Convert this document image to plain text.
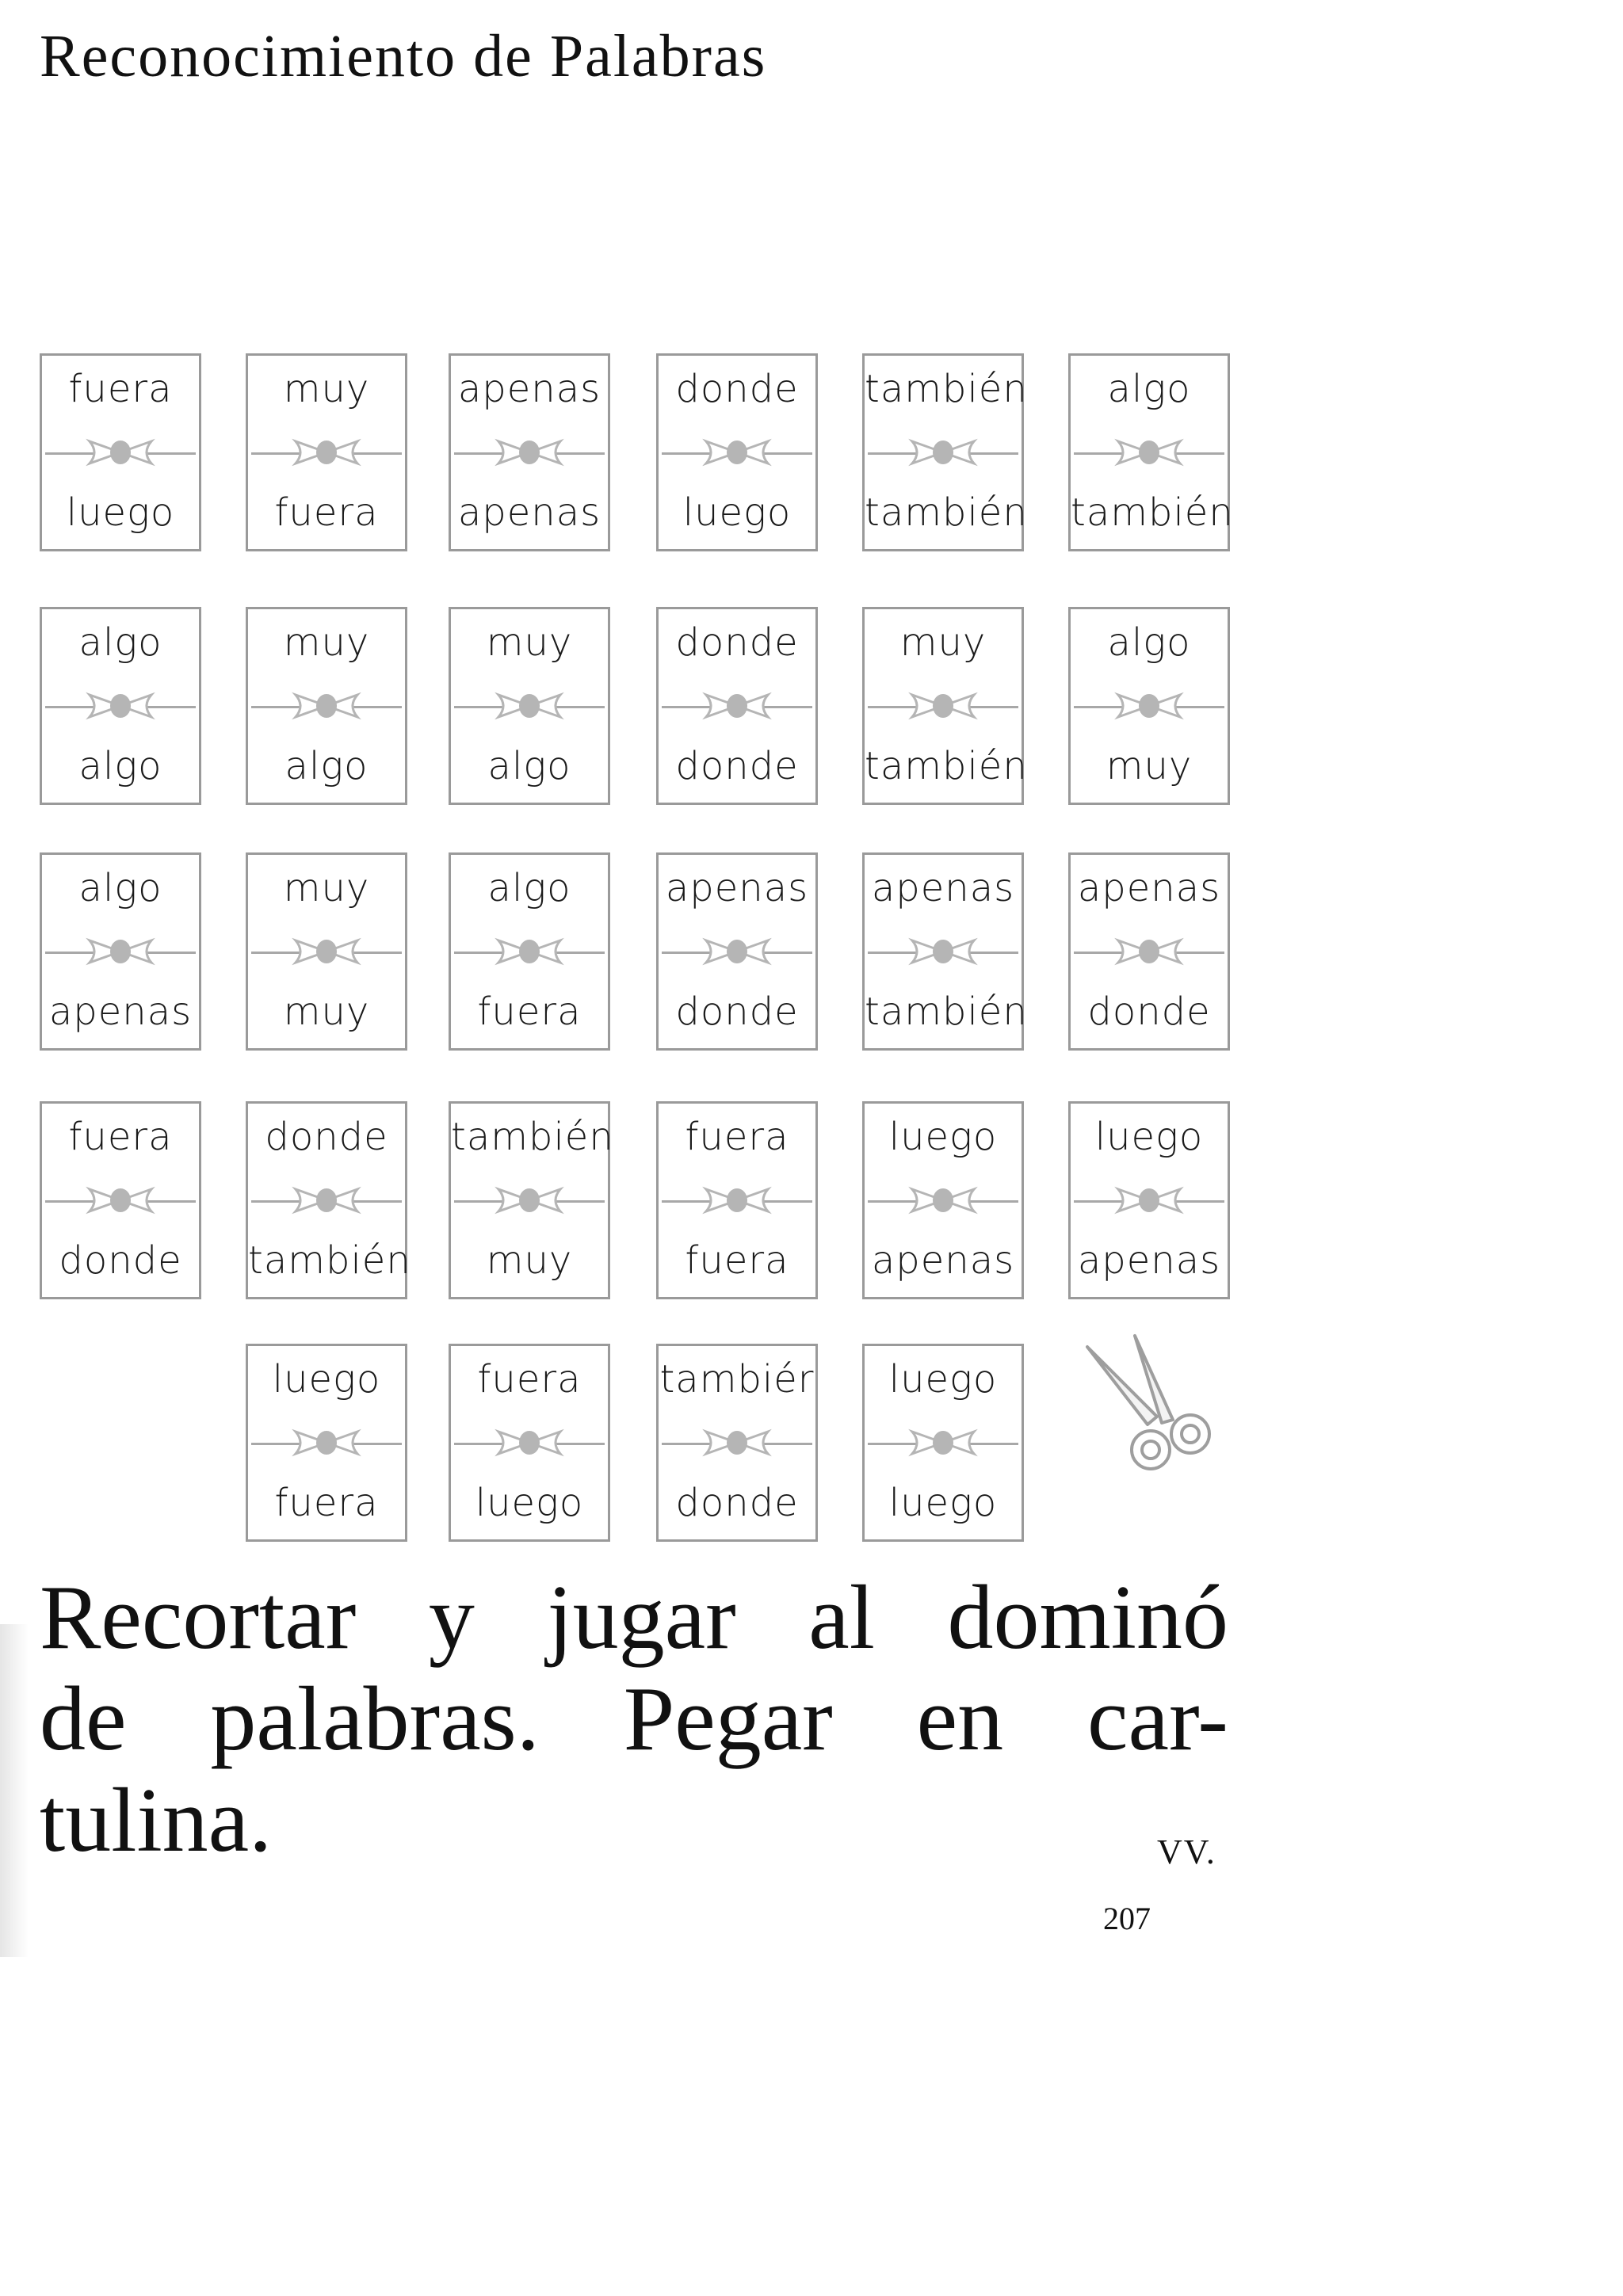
Reconocimiento de Palabras
fuera
luego
muy
fuera
apenas
apenas
donde
luego
también
también
algo
también
algo
algo
muy
algo
muy
algo
donde
donde
muy
también
algo
muy
algo
apenas
muy
muy
algo
fuera
apenas
donde
apenas
también
apenas
donde
fuera
donde
donde
también
también
muy
fuera
fuera
luego
apenas
luego
apenas
luego
fuera
fuera
luego
tambiér
donde
luego
luego
Recortar y jugar al dominó
de palabras. Pegar en car-
tulina.	VV.
207
